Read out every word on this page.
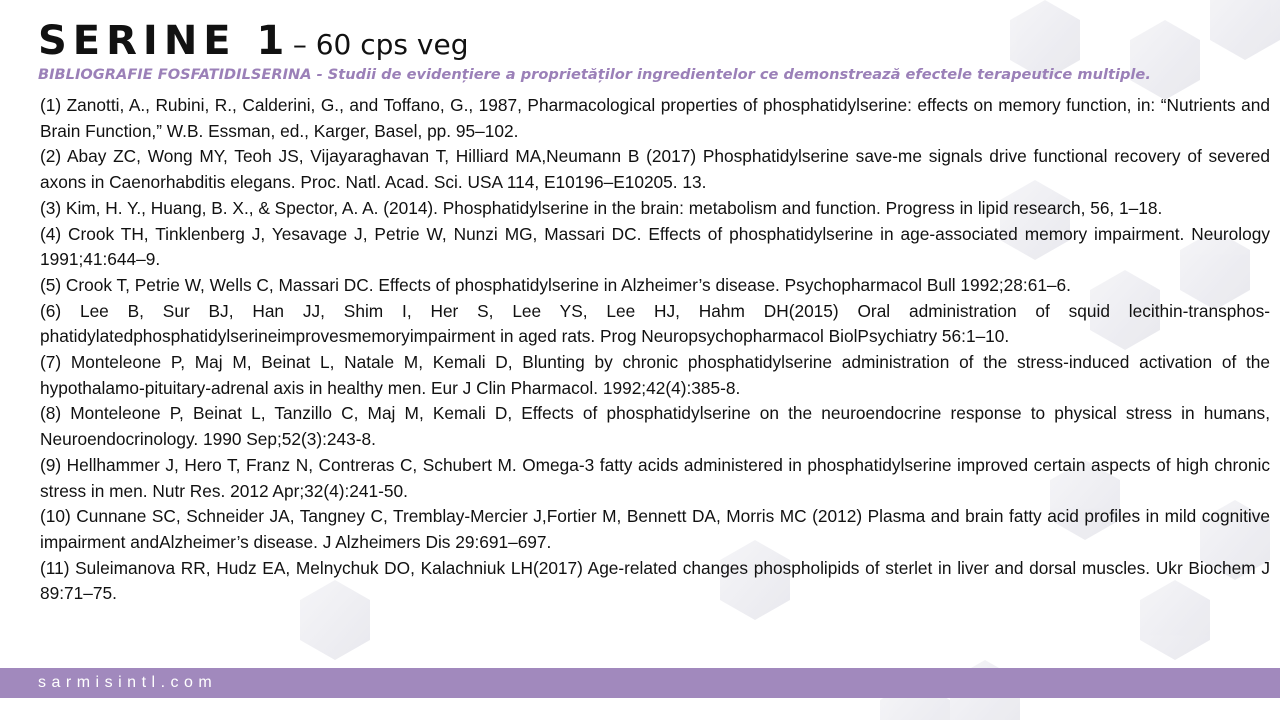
SERINE 1 – 60 cps veg
BIBLIOGRAFIE FOSFATIDILSERINA - Studii de evidențiere a proprietăților ingredientelor ce demonstrează efectele terapeutice multiple.
(1) Zanotti, A., Rubini, R., Calderini, G., and Toffano, G., 1987, Pharmacological properties of phosphatidylserine: effects on memory function, in: “Nutrients and Brain Function,” W.B. Essman, ed., Karger, Basel, pp. 95–102.
(2) Abay ZC, Wong MY, Teoh JS, Vijayaraghavan T, Hilliard MA,Neumann B (2017) Phosphatidylserine save-me signals drive functional recovery of severed axons in Caenorhabditis elegans. Proc. Natl. Acad. Sci. USA 114, E10196–E10205. 13.
(3) Kim, H. Y., Huang, B. X., & Spector, A. A. (2014). Phosphatidylserine in the brain: metabolism and function. Progress in lipid research, 56, 1–18.
(4) Crook TH, Tinklenberg J, Yesavage J, Petrie W, Nunzi MG, Massari DC. Effects of phosphatidylserine in age-associated memory impairment. Neurology 1991;41:644–9.
(5) Crook T, Petrie W, Wells C, Massari DC. Effects of phosphatidylserine in Alzheimer’s disease. Psychopharmacol Bull 1992;28:61–6.
(6) Lee B, Sur BJ, Han JJ, Shim I, Her S, Lee YS, Lee HJ, Hahm DH(2015) Oral administration of squid lecithin-transphos-phatidylatedphosphatidylserineimprovesmemoryimpairment in aged rats. Prog Neuropsychopharmacol BiolPsychiatry 56:1–10.
(7) Monteleone P, Maj M, Beinat L, Natale M, Kemali D, Blunting by chronic phosphatidylserine administration of the stress-induced activation of the hypothalamo-pituitary-adrenal axis in healthy men. Eur J Clin Pharmacol. 1992;42(4):385-8.
(8) Monteleone P, Beinat L, Tanzillo C, Maj M, Kemali D, Effects of phosphatidylserine on the neuroendocrine response to physical stress in humans, Neuroendocrinology. 1990 Sep;52(3):243-8.
(9) Hellhammer J, Hero T, Franz N, Contreras C, Schubert M. Omega-3 fatty acids administered in phosphatidylserine improved certain aspects of high chronic stress in men. Nutr Res. 2012 Apr;32(4):241-50.
(10) Cunnane SC, Schneider JA, Tangney C, Tremblay-Mercier J,Fortier M, Bennett DA, Morris MC (2012) Plasma and brain fatty acid profiles in mild cognitive impairment andAlzheimer’s disease. J Alzheimers Dis 29:691–697.
(11) Suleimanova RR, Hudz EA, Melnychuk DO, Kalachniuk LH(2017) Age-related changes phospholipids of sterlet in liver and dorsal muscles. Ukr Biochem J 89:71–75.
sarmisintl.com
